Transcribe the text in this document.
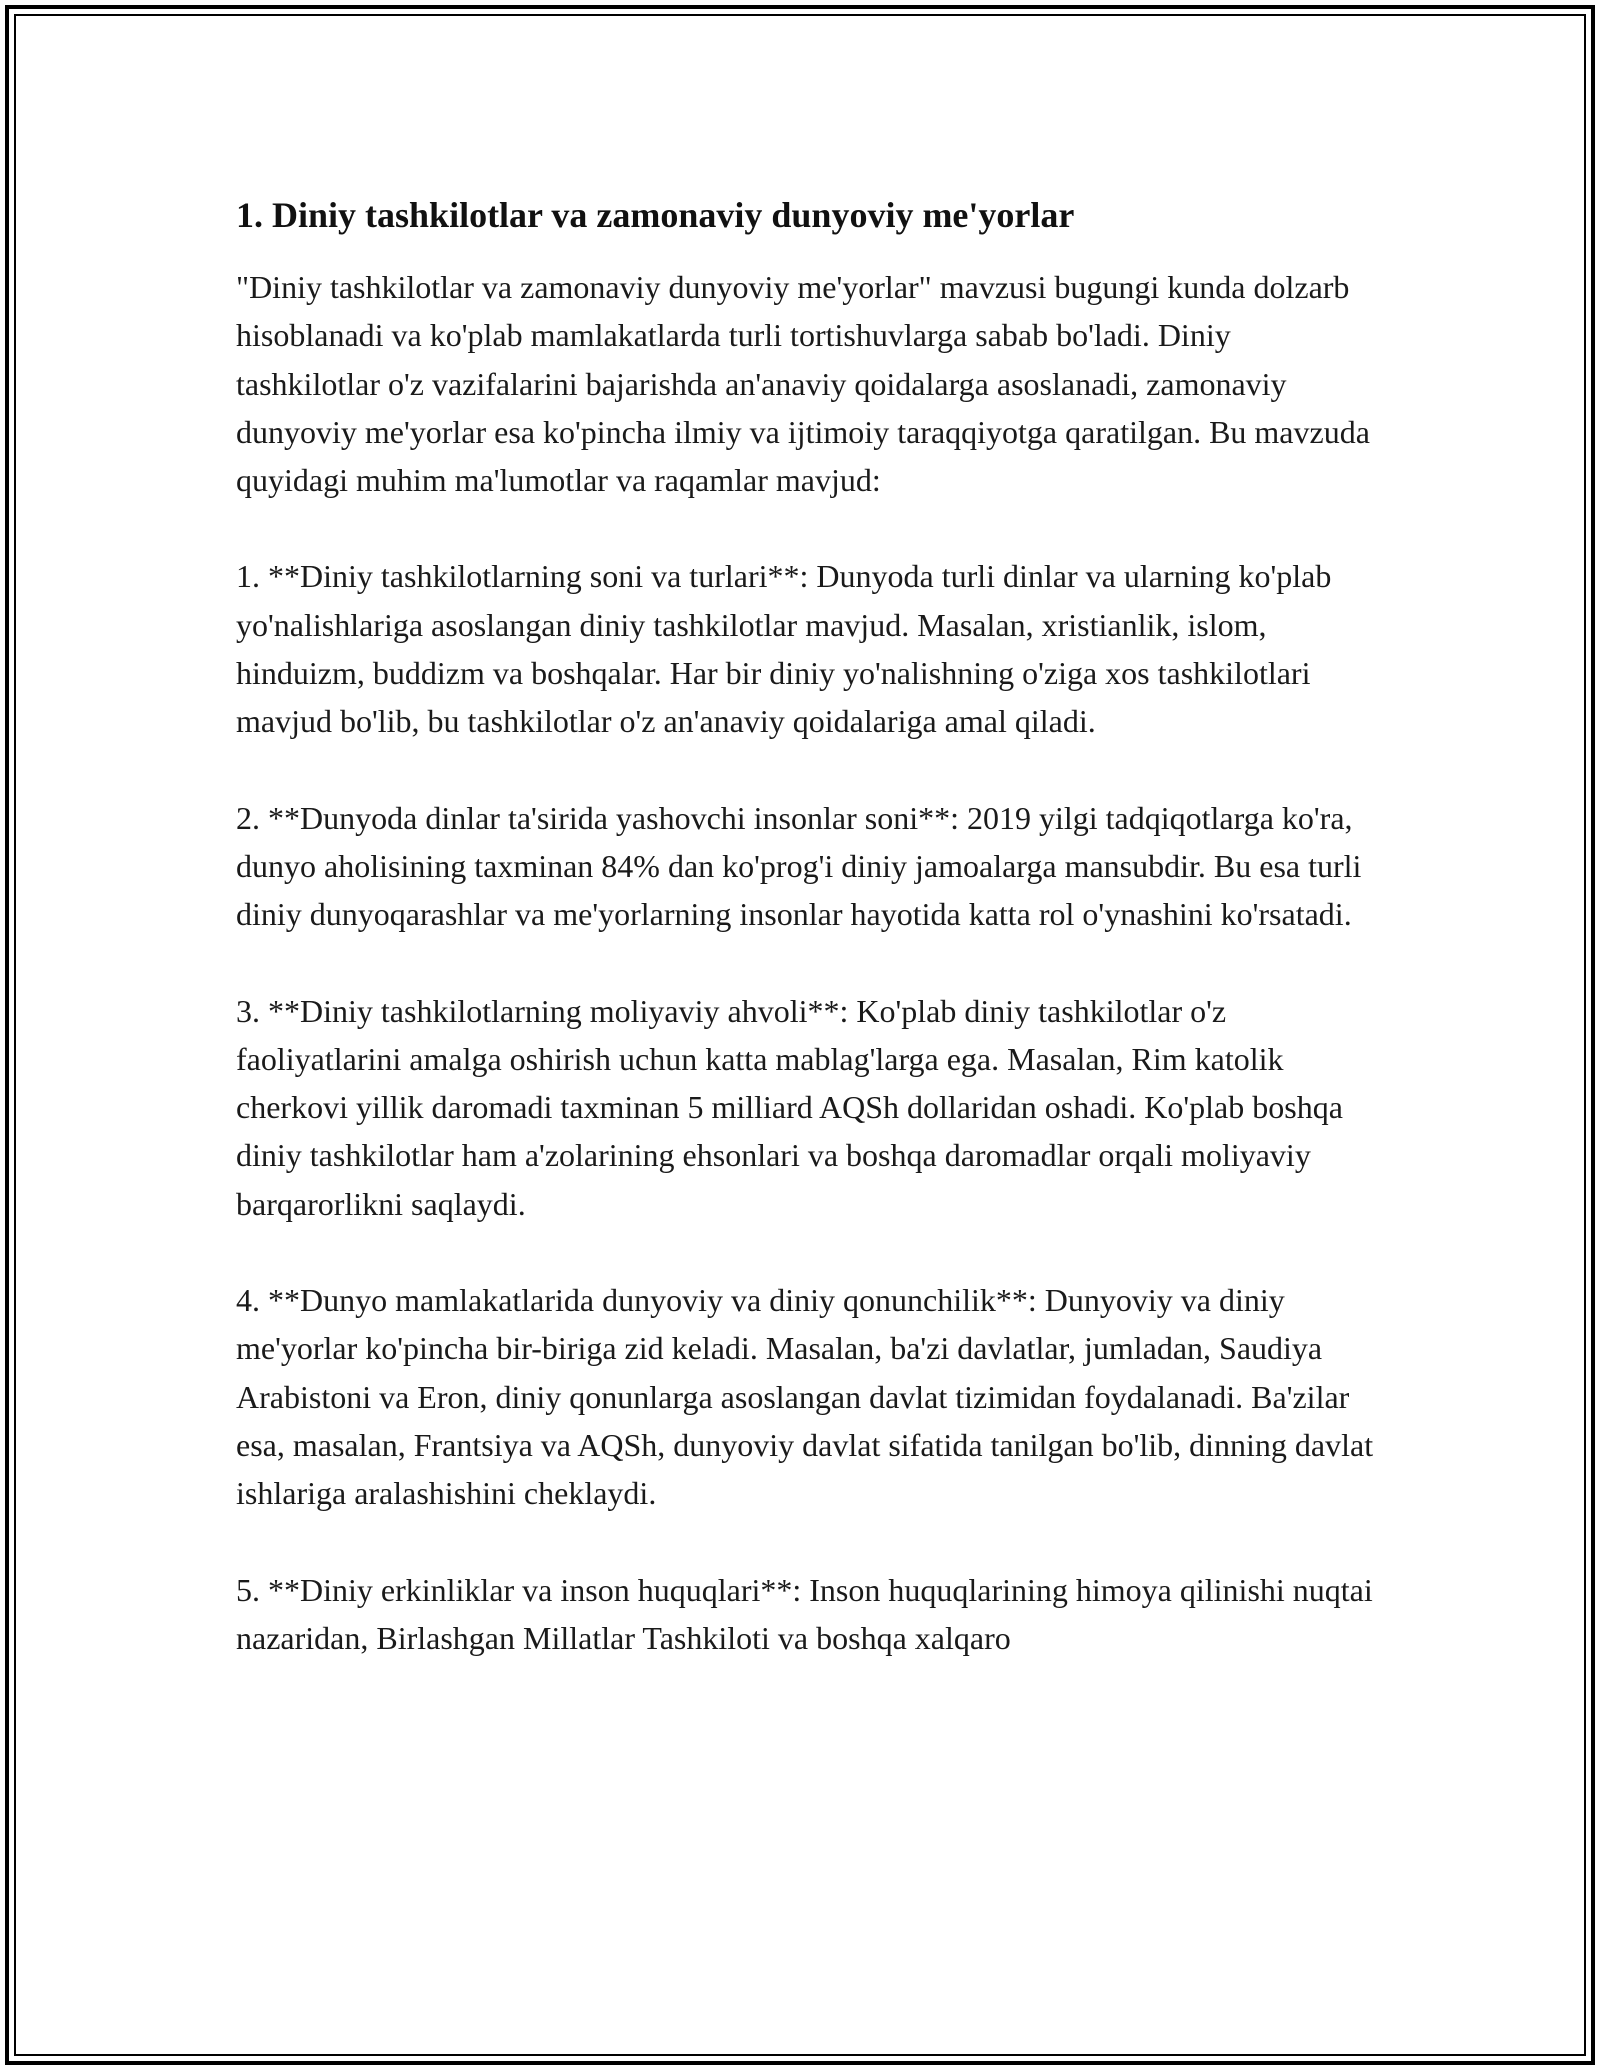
1. Diniy tashkilotlar va zamonaviy dunyoviy me'yorlar

"Diniy tashkilotlar va zamonaviy dunyoviy me'yorlar" mavzusi bugungi kunda dolzarb hisoblanadi va ko'plab mamlakatlarda turli tortishuvlarga sabab bo'ladi. Diniy tashkilotlar o'z vazifalarini bajarishda an'anaviy qoidalarga asoslanadi, zamonaviy dunyoviy me'yorlar esa ko'pincha ilmiy va ijtimoiy taraqqiyotga qaratilgan. Bu mavzuda quyidagi muhim ma'lumotlar va raqamlar mavjud:

1. **Diniy tashkilotlarning soni va turlari**: Dunyoda turli dinlar va ularning ko'plab yo'nalishlariga asoslangan diniy tashkilotlar mavjud. Masalan, xristianlik, islom, hinduizm, buddizm va boshqalar. Har bir diniy yo'nalishning o'ziga xos tashkilotlari mavjud bo'lib, bu tashkilotlar o'z an'anaviy qoidalariga amal qiladi.

2. **Dunyoda dinlar ta'sirida yashovchi insonlar soni**: 2019 yilgi tadqiqotlarga ko'ra, dunyo aholisining taxminan 84% dan ko'prog'i diniy jamoalarga mansubdir. Bu esa turli diniy dunyoqarashlar va me'yorlarning insonlar hayotida katta rol o'ynashini ko'rsatadi.

3. **Diniy tashkilotlarning moliyaviy ahvoli**: Ko'plab diniy tashkilotlar o'z faoliyatlarini amalga oshirish uchun katta mablag'larga ega. Masalan, Rim katolik cherkovi yillik daromadi taxminan 5 milliard AQSh dollaridan oshadi. Ko'plab boshqa diniy tashkilotlar ham a'zolarining ehsonlari va boshqa daromadlar orqali moliyaviy barqarorlikni saqlaydi.

4. **Dunyo mamlakatlarida dunyoviy va diniy qonunchilik**: Dunyoviy va diniy me'yorlar ko'pincha bir-biriga zid keladi. Masalan, ba'zi davlatlar, jumladan, Saudiya Arabistoni va Eron, diniy qonunlarga asoslangan davlat tizimidan foydalanadi. Ba'zilar esa, masalan, Frantsiya va AQSh, dunyoviy davlat sifatida tanilgan bo'lib, dinning davlat ishlariga aralashishini cheklaydi.

5. **Diniy erkinliklar va inson huquqlari**: Inson huquqlarining himoya qilinishi nuqtai nazaridan, Birlashgan Millatlar Tashkiloti va boshqa xalqaro
